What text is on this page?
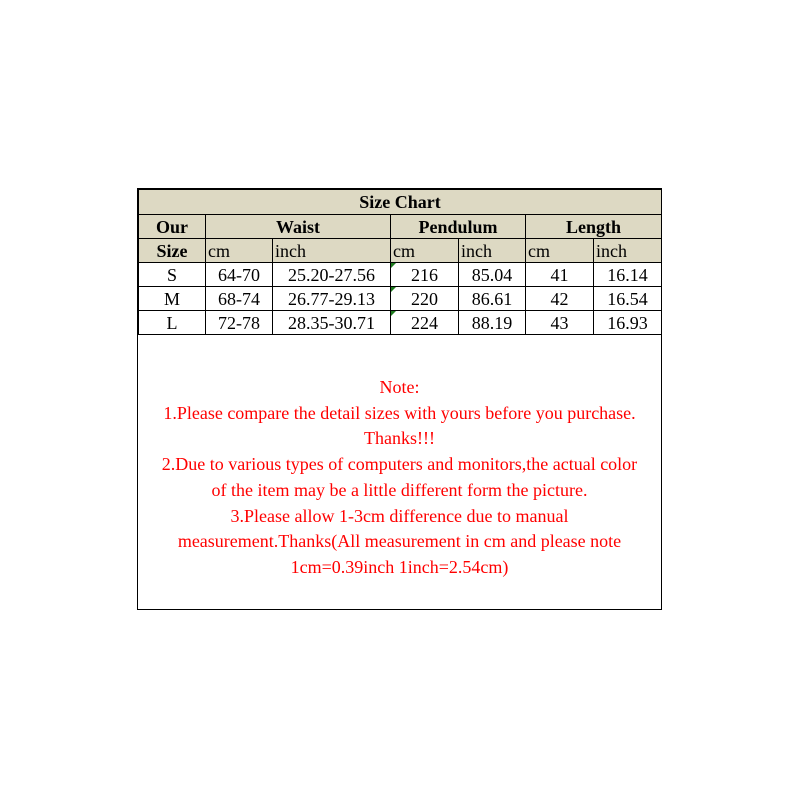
Size Chart						
Our	Waist		Pendulum		Length	
Size	cm	inch	cm	inch	cm	inch
S	64-70	25.20-27.56	216	85.04	41	16.14
M	68-74	26.77-29.13	220	86.61	42	16.54
L	72-78	28.35-30.71	224	88.19	43	16.93
Note:
1.Please compare the detail sizes with yours before you purchase.
Thanks!!!
2.Due to various types of computers and monitors,the actual color
of the item may be a little different form the picture.
3.Please allow 1-3cm difference due to manual
measurement.Thanks(All measurement in cm and please note
1cm=0.39inch 1inch=2.54cm)
